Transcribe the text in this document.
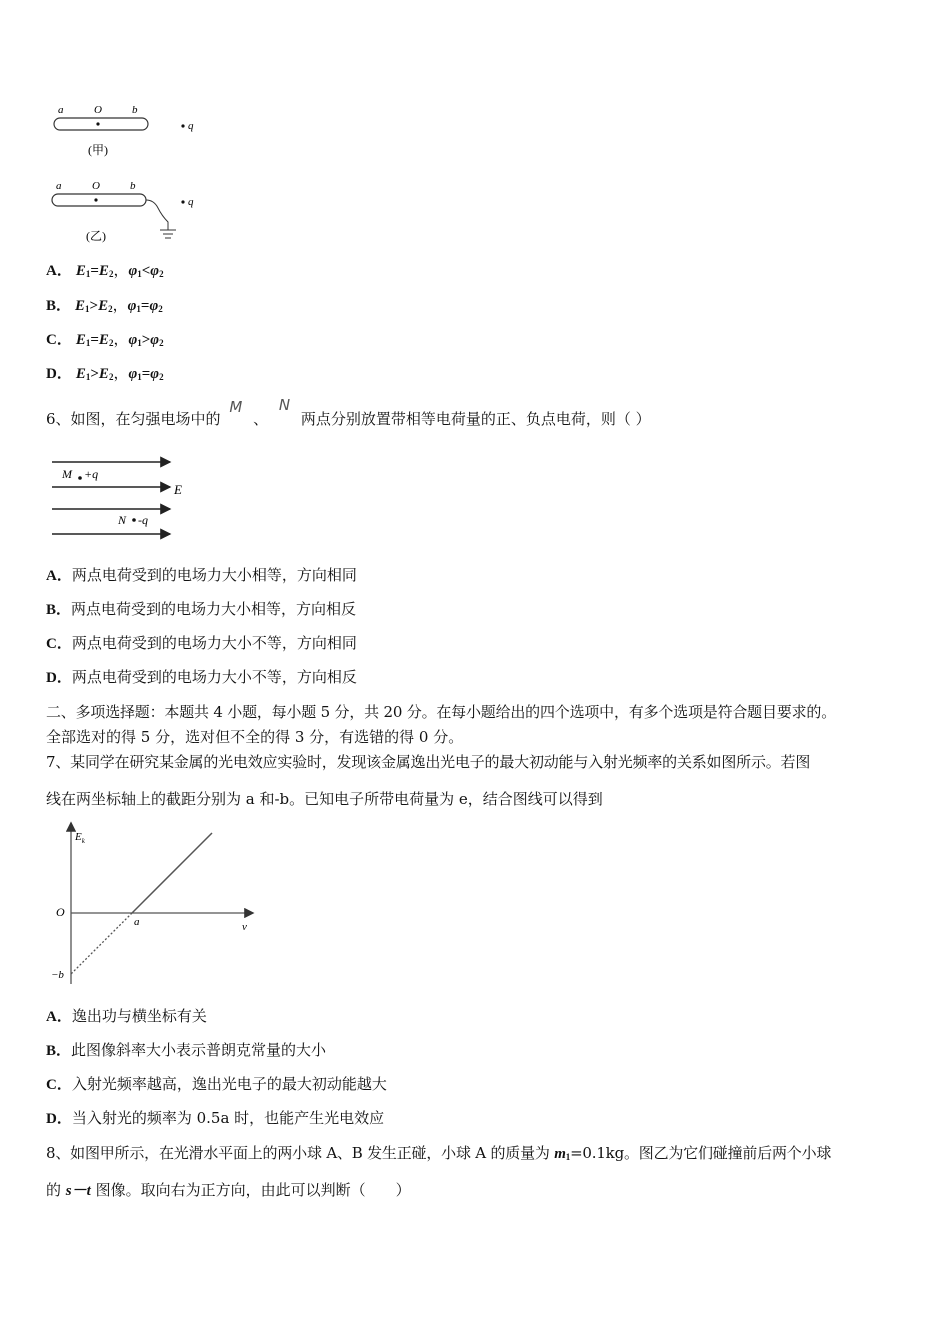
a	O	b
q
(甲)
a	O	b
q
(乙)
A． $E_1=E_2$，$\varphi_1<\varphi_2$
B． $E_1>E_2$，$\varphi_1=\varphi_2$
C． $E_1=E_2$，$\varphi_1>\varphi_2$
D． $E_1>E_2$，$\varphi_1=\varphi_2$
6、如图，在匀强电场中的 M 、 N 两点分别放置带相等电荷量的正、负点电荷，则（ ）
M +q
E
N -q
A．两点电荷受到的电场力大小相等，方向相同
B．两点电荷受到的电场力大小相等，方向相反
C．两点电荷受到的电场力大小不等，方向相同
D．两点电荷受到的电场力大小不等，方向相反
二、多项选择题：本题共 4 小题，每小题 5 分，共 20 分。在每小题给出的四个选项中，有多个选项是符合题目要求的。
全部选对的得 5 分，选对但不全的得 3 分，有选错的得 0 分。
7、某同学在研究某金属的光电效应实验时，发现该金属逸出光电子的最大初动能与入射光频率的关系如图所示。若图
线在两坐标轴上的截距分别为 a 和-b。已知电子所带电荷量为 e，结合图线可以得到
$E_k$
O
a	ν
−b
A．逸出功与横坐标有关
B．此图像斜率大小表示普朗克常量的大小
C．入射光频率越高，逸出光电子的最大初动能越大
D．当入射光的频率为 0.5a 时，也能产生光电效应
8、如图甲所示，在光滑水平面上的两小球 A、B 发生正碰，小球 A 的质量为 $m_1=0.1kg$。图乙为它们碰撞前后两个小球
的 s－t 图像。取向右为正方向，由此可以判断（　　）
